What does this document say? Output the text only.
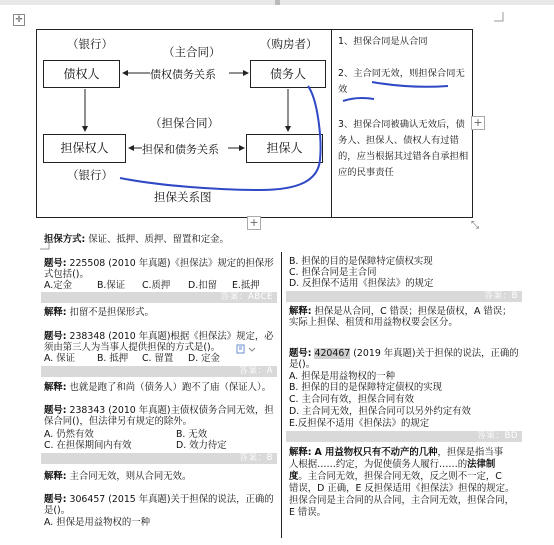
✛
（银行）
（主合同）
（购房者）
债权人	债务人
债权债务关系
（担保合同）
担保权人	担保人
担保和债务关系
（银行）
担保关系图
1、担保合同是从合同
2、主合同无效，则担保合同无效
3、担保合同被确认无效后，债务人、担保人、债权人有过错的，应当根据其过错各自承担相应的民事责任
+
+	⤡
担保方式: 保证、抵押、质押、留置和定金。
题号: 225508 (2010 年真题)《担保法》规定的担保形
式包括()。
A.定金	B.保证 C.质押 D.扣留 E.抵押
答案：ABCE
解释: 扣留不是担保形式。
题号: 238348 (2010 年真题)根据《担保法》规定，必
须由第三人为当事人提供担保的方式是()。
A. 保证 B. 抵押 C. 留置 D. 定金
答案：A
解释: 也就是跑了和尚（债务人）跑不了庙（保证人）。
题号: 238343 (2010 年真题)主债权债务合同无效，担
保合同()，但法律另有规定的除外。
A. 仍然有效	B. 无效
C. 在担保期间内有效	D. 效力待定
答案：B
解释: 主合同无效，则从合同无效。
题号: 306457 (2015 年真题)关于担保的说法，正确的
是()。
A. 担保是用益物权的一种
B. 担保的目的是保障特定债权实现
C. 担保合同是主合同
D. 反担保不适用《担保法》的规定
答案：B
解释: 担保是从合同，C 错误；担保是债权，A 错误；
实际上担保、租赁和用益物权要会区分。
题号: 420467 (2019 年真题)关于担保的说法，正确的
是()。
A. 担保是用益物权的一种
B. 担保的目的是保障特定债权的实现
C. 主合同有效，担保合同有效
D. 主合同无效，担保合同可以另外约定有效
E.反担保不适用《担保法》的规定
答案：BD
解释: A 用益物权只有不动产的几种，担保是指当事
人根据……约定，为促使债务人履行……的法律制
度。主合同无效，担保合同无效，反之则不一定，C
错误，D 正确，E 反担保适用《担保法》担保的规定。
担保合同是主合同的从合同，主合同无效，担保合同，
E 错误。
